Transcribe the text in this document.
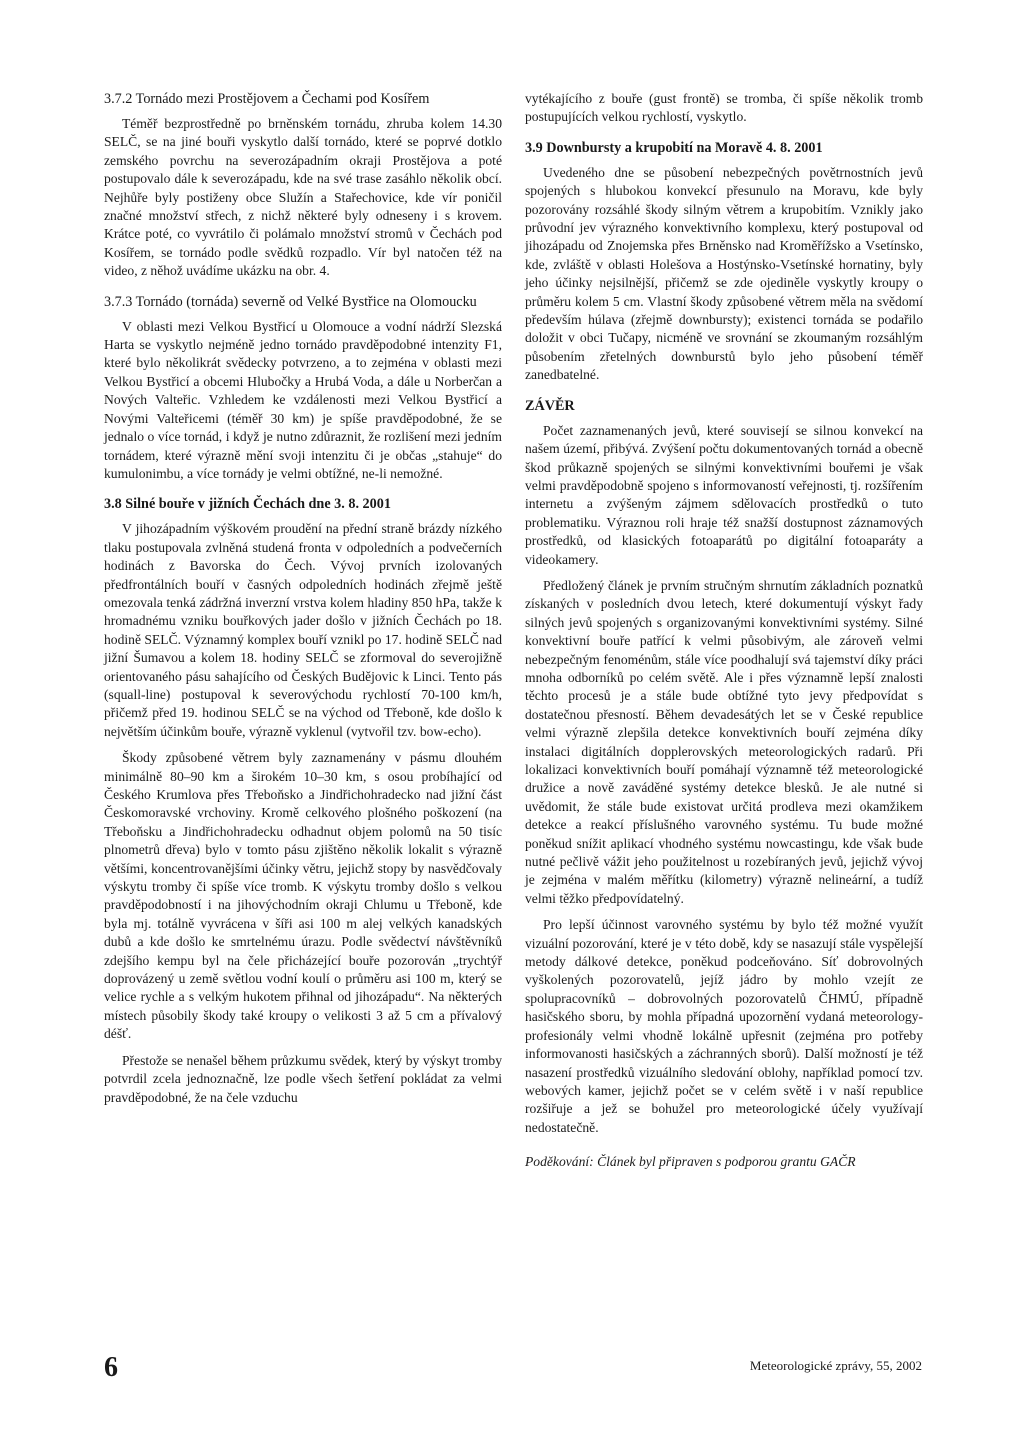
3.7.2 Tornádo mezi Prostějovem a Čechami pod Kosířem

Téměř bezprostředně po brněnském tornádu, zhruba kolem 14.30 SELČ, se na jiné bouři vyskytlo další tornádo, které se poprvé dotklo zemského povrchu na severozápadním okraji Prostějova a poté postupovalo dále k severozápadu, kde na své trase zasáhlo několik obcí. Nejhůře byly postiženy obce Služín a Stařechovice, kde vír poničil značné množství střech, z nichž některé byly odneseny i s krovem. Krátce poté, co vyvrátilo či polámalo množství stromů v Čechách pod Kosířem, se tornádo podle svědků rozpadlo. Vír byl natočen též na video, z něhož uvádíme ukázku na obr. 4.

3.7.3 Tornádo (tornáda) severně od Velké Bystřice na Olomoucku

V oblasti mezi Velkou Bystřicí u Olomouce a vodní nádrží Slezská Harta se vyskytlo nejméně jedno tornádo pravděpodobné intenzity F1, které bylo několikrát svědecky potvrzeno, a to zejména v oblasti mezi Velkou Bystřicí a obcemi Hlubočky a Hrubá Voda, a dále u Norberčan a Nových Valteřic. Vzhledem ke vzdálenosti mezi Velkou Bystřicí a Novými Valteřicemi (téměř 30 km) je spíše pravděpodobné, že se jednalo o více tornád, i když je nutno zdůraznit, že rozlišení mezi jedním tornádem, které výrazně mění svoji intenzitu či je občas „stahuje“ do kumulonimbu, a více tornády je velmi obtížné, ne-li nemožné.

3.8 Silné bouře v jižních Čechách dne 3. 8. 2001

V jihozápadním výškovém proudění na přední straně brázdy nízkého tlaku postupovala zvlněná studená fronta v odpoledních a podvečerních hodinách z Bavorska do Čech. Vývoj prvních izolovaných předfrontálních bouří v časných odpoledních hodinách zřejmě ještě omezovala tenká zádržná inverzní vrstva kolem hladiny 850 hPa, takže k hromadnému vzniku bouřkových jader došlo v jižních Čechách po 18. hodině SELČ. Významný komplex bouří vznikl po 17. hodině SELČ nad jižní Šumavou a kolem 18. hodiny SELČ se zformoval do severojižně orientovaného pásu sahajícího od Českých Budějovic k Linci. Tento pás (squall-line) postupoval k severovýchodu rychlostí 70-100 km/h, přičemž před 19. hodinou SELČ se na východ od Třeboně, kde došlo k největším účinkům bouře, výrazně vyklenul (vytvořil tzv. bow-echo).

Škody způsobené větrem byly zaznamenány v pásmu dlouhém minimálně 80–90 km a širokém 10–30 km, s osou probíhající od Českého Krumlova přes Třeboňsko a Jindřichohradecko nad jižní část Českomoravské vrchoviny. Kromě celkového plošného poškození (na Třeboňsku a Jindřichohradecku odhadnut objem polomů na 50 tisíc plnometrů dřeva) bylo v tomto pásu zjištěno několik lokalit s výrazně většími, koncentrovanějšími účinky větru, jejichž stopy by nasvědčovaly výskytu tromby či spíše více tromb. K výskytu tromby došlo s velkou pravděpodobností i na jihovýchodním okraji Chlumu u Třeboně, kde byla mj. totálně vyvrácena v šíři asi 100 m alej velkých kanadských dubů a kde došlo ke smrtelnému úrazu. Podle svědectví návštěvníků zdejšího kempu byl na čele přicházející bouře pozorován „trychtýř doprovázený u země světlou vodní koulí o průměru asi 100 m, který se velice rychle a s velkým hukotem přihnal od jihozápadu“. Na některých místech působily škody také kroupy o velikosti 3 až 5 cm a přívalový déšť.

Přestože se nenašel během průzkumu svědek, který by výskyt tromby potvrdil zcela jednoznačně, lze podle všech šetření pokládat za velmi pravděpodobné, že na čele vzduchu

vytékajícího z bouře (gust frontě) se tromba, či spíše několik tromb postupujících velkou rychlostí, vyskytlo.

3.9 Downbursty a krupobití na Moravě 4. 8. 2001

Uvedeného dne se působení nebezpečných povětrnostních jevů spojených s hlubokou konvekcí přesunulo na Moravu, kde byly pozorovány rozsáhlé škody silným větrem a krupobitím. Vznikly jako průvodní jev výrazného konvektivního komplexu, který postupoval od jihozápadu od Znojemska přes Brněnsko nad Kroměřížsko a Vsetínsko, kde, zvláště v oblasti Holešova a Hostýnsko-Vsetínské hornatiny, byly jeho účinky nejsilnější, přičemž se zde ojediněle vyskytly kroupy o průměru kolem 5 cm. Vlastní škody způsobené větrem měla na svědomí především húlava (zřejmě downbursty); existenci tornáda se podařilo doložit v obci Tučapy, nicméně ve srovnání se zkoumaným rozsáhlým působením zřetelných downburstů bylo jeho působení téměř zanedbatelné.

ZÁVĚR

Počet zaznamenaných jevů, které souvisejí se silnou konvekcí na našem území, přibývá. Zvýšení počtu dokumentovaných tornád a obecně škod průkazně spojených se silnými konvektivními bouřemi je však velmi pravděpodobně spojeno s informovaností veřejnosti, tj. rozšířením internetu a zvýšeným zájmem sdělovacích prostředků o tuto problematiku. Výraznou roli hraje též snažší dostupnost záznamových prostředků, od klasických fotoaparátů po digitální fotoaparáty a videokamery.

Předložený článek je prvním stručným shrnutím základních poznatků získaných v posledních dvou letech, které dokumentují výskyt řady silných jevů spojených s organizovanými konvektivními systémy. Silné konvektivní bouře patřící k velmi působivým, ale zároveň velmi nebezpečným fenoménům, stále více poodhalují svá tajemství díky práci mnoha odborníků po celém světě. Ale i přes významně lepší znalosti těchto procesů je a stále bude obtížné tyto jevy předpovídat s dostatečnou přesností. Během devadesátých let se v České republice velmi výrazně zlepšila detekce konvektivních bouří zejména díky instalaci digitálních dopplerovských meteorologických radarů. Při lokalizaci konvektivních bouří pomáhají významně též meteorologické družice a nově zaváděné systémy detekce blesků. Je ale nutné si uvědomit, že stále bude existovat určitá prodleva mezi okamžikem detekce a reakcí příslušného varovného systému. Tu bude možné poněkud snížit aplikací vhodného systému nowcastingu, kde však bude nutné pečlivě vážit jeho použitelnost u rozebíraných jevů, jejichž vývoj je zejména v malém měřítku (kilometry) výrazně nelineární, a tudíž velmi těžko předpovídatelný.

Pro lepší účinnost varovného systému by bylo též možné využít vizuální pozorování, které je v této době, kdy se nasazují stále vyspělejší metody dálkové detekce, poněkud podceňováno. Síť dobrovolných vyškolených pozorovatelů, jejíž jádro by mohlo vzejít ze spolupracovníků – dobrovolných pozorovatelů ČHMÚ, případně hasičského sboru, by mohla případná upozornění vydaná meteorology-profesionály velmi vhodně lokálně upřesnit (zejména pro potřeby informovanosti hasičských a záchranných sborů). Další možností je též nasazení prostředků vizuálního sledování oblohy, například pomocí tzv. webových kamer, jejichž počet se v celém světě i v naší republice rozšiřuje a jež se bohužel pro meteorologické účely využívají nedostatečně.

Poděkování: Článek byl připraven s podporou grantu GAČR

6	Meteorologické zprávy, 55, 2002
